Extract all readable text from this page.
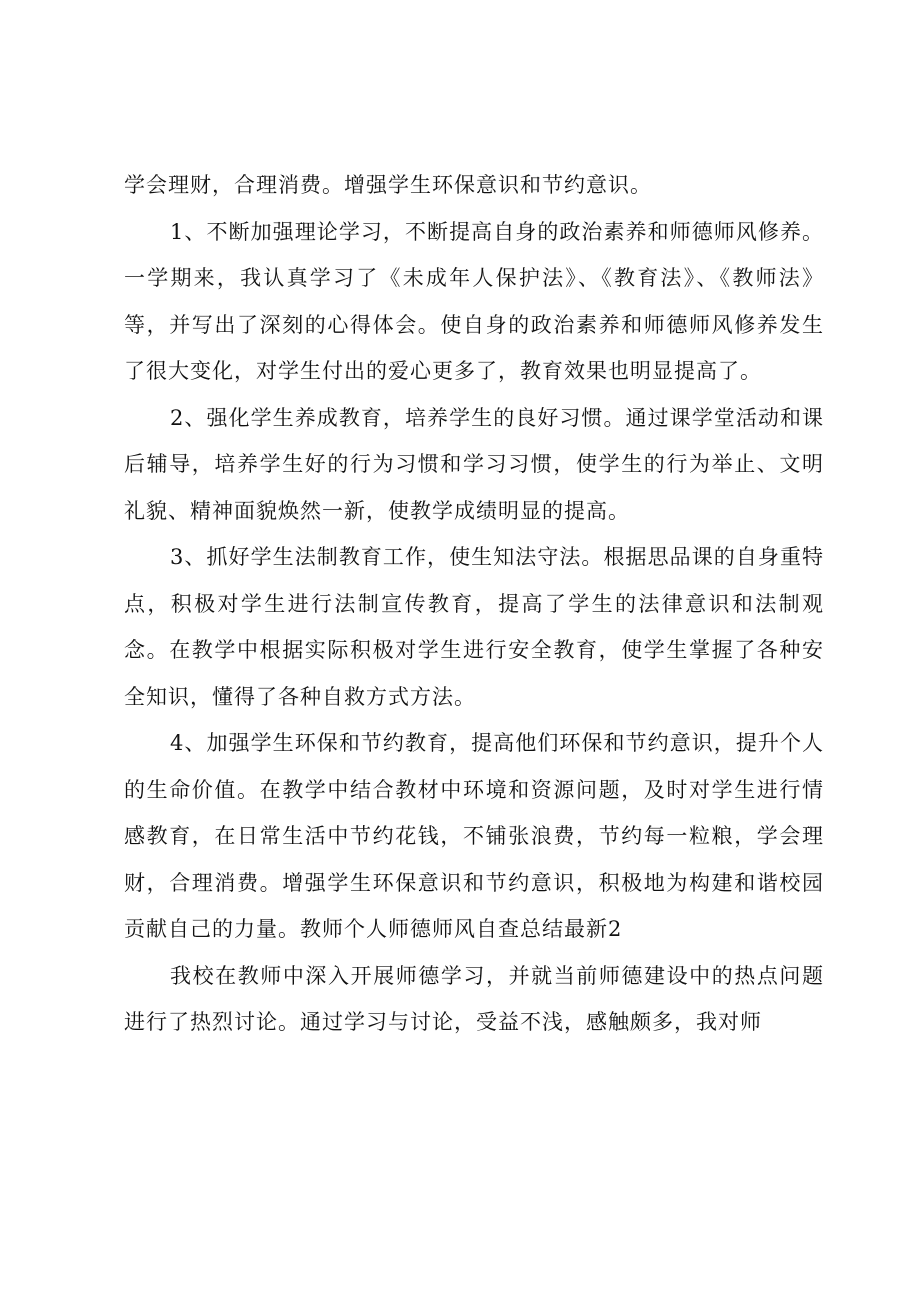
学会理财，合理消费。增强学生环保意识和节约意识。

1、不断加强理论学习，不断提高自身的政治素养和师德师风修养。一学期来，我认真学习了《未成年人保护法》、《教育法》、《教师法》等，并写出了深刻的心得体会。使自身的政治素养和师德师风修养发生了很大变化，对学生付出的爱心更多了，教育效果也明显提高了。

2、强化学生养成教育，培养学生的良好习惯。通过课学堂活动和课后辅导，培养学生好的行为习惯和学习习惯，使学生的行为举止、文明礼貌、精神面貌焕然一新，使教学成绩明显的提高。

3、抓好学生法制教育工作，使生知法守法。根据思品课的自身重特点，积极对学生进行法制宣传教育，提高了学生的法律意识和法制观念。在教学中根据实际积极对学生进行安全教育，使学生掌握了各种安全知识，懂得了各种自救方式方法。

4、加强学生环保和节约教育，提高他们环保和节约意识，提升个人的生命价值。在教学中结合教材中环境和资源问题，及时对学生进行情感教育，在日常生活中节约花钱，不铺张浪费，节约每一粒粮，学会理财，合理消费。增强学生环保意识和节约意识，积极地为构建和谐校园贡献自己的力量。教师个人师德师风自查总结最新2

我校在教师中深入开展师德学习，并就当前师德建设中的热点问题进行了热烈讨论。通过学习与讨论，受益不浅，感触颇多，我对师
